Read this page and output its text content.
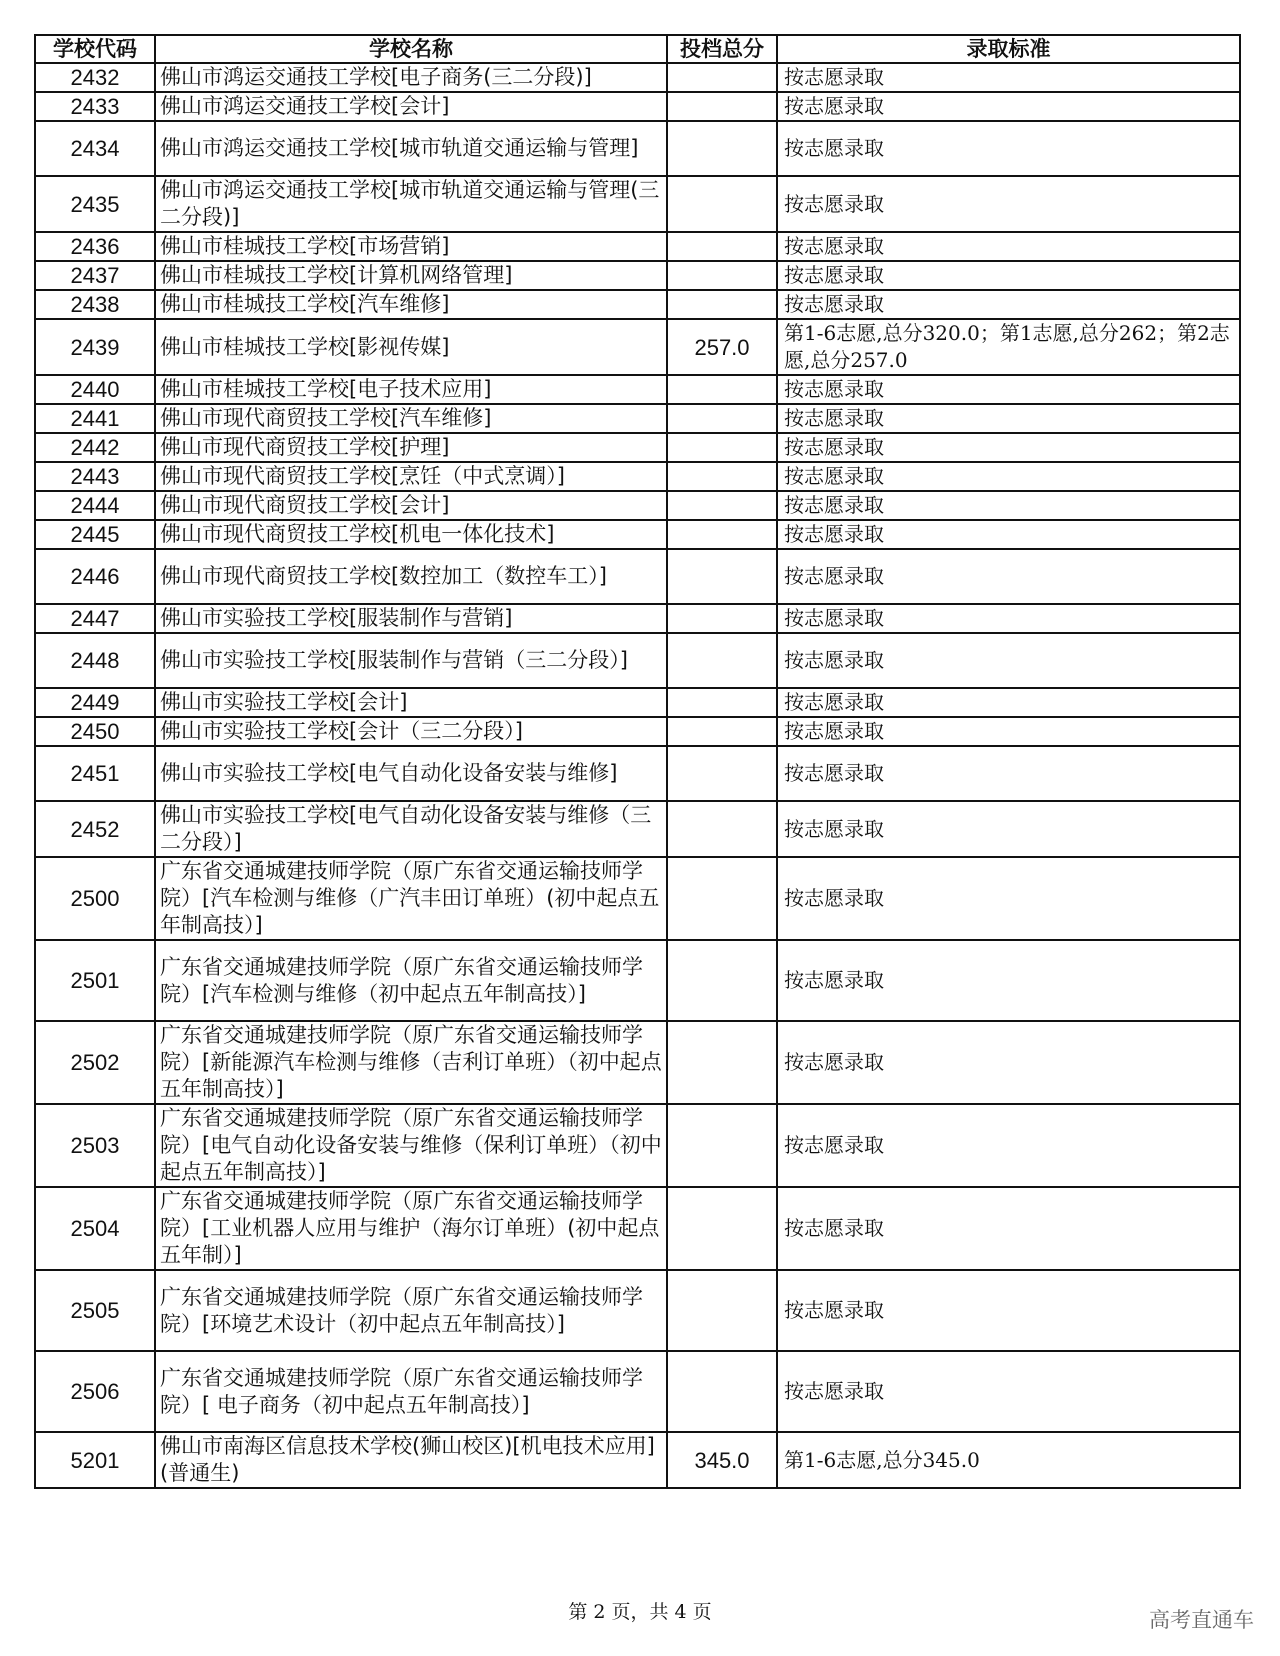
学校代码	学校名称	投档总分	录取标准
2432	佛山市鸿运交通技工学校[电子商务(三二分段)]		按志愿录取
2433	佛山市鸿运交通技工学校[会计]		按志愿录取
2434	佛山市鸿运交通技工学校[城市轨道交通运输与管理]		按志愿录取
2435	佛山市鸿运交通技工学校[城市轨道交通运输与管理(三二分段)]		按志愿录取
2436	佛山市桂城技工学校[市场营销]		按志愿录取
2437	佛山市桂城技工学校[计算机网络管理]		按志愿录取
2438	佛山市桂城技工学校[汽车维修]		按志愿录取
2439	佛山市桂城技工学校[影视传媒]	257.0	第1-6志愿,总分320.0；第1志愿,总分262；第2志愿,总分257.0
2440	佛山市桂城技工学校[电子技术应用]		按志愿录取
2441	佛山市现代商贸技工学校[汽车维修]		按志愿录取
2442	佛山市现代商贸技工学校[护理]		按志愿录取
2443	佛山市现代商贸技工学校[烹饪（中式烹调）]		按志愿录取
2444	佛山市现代商贸技工学校[会计]		按志愿录取
2445	佛山市现代商贸技工学校[机电一体化技术]		按志愿录取
2446	佛山市现代商贸技工学校[数控加工（数控车工）]		按志愿录取
2447	佛山市实验技工学校[服装制作与营销]		按志愿录取
2448	佛山市实验技工学校[服装制作与营销（三二分段）]		按志愿录取
2449	佛山市实验技工学校[会计]		按志愿录取
2450	佛山市实验技工学校[会计（三二分段）]		按志愿录取
2451	佛山市实验技工学校[电气自动化设备安装与维修]		按志愿录取
2452	佛山市实验技工学校[电气自动化设备安装与维修（三二分段）]		按志愿录取
2500	广东省交通城建技师学院（原广东省交通运输技师学院）[汽车检测与维修（广汽丰田订单班）(初中起点五年制高技）]		按志愿录取
2501	广东省交通城建技师学院（原广东省交通运输技师学院）[汽车检测与维修（初中起点五年制高技）]		按志愿录取
2502	广东省交通城建技师学院（原广东省交通运输技师学院）[新能源汽车检测与维修（吉利订单班）（初中起点五年制高技）]		按志愿录取
2503	广东省交通城建技师学院（原广东省交通运输技师学院）[电气自动化设备安装与维修（保利订单班）（初中起点五年制高技）]		按志愿录取
2504	广东省交通城建技师学院（原广东省交通运输技师学院）[工业机器人应用与维护（海尔订单班）(初中起点五年制）]		按志愿录取
2505	广东省交通城建技师学院（原广东省交通运输技师学院）[环境艺术设计（初中起点五年制高技）]		按志愿录取
2506	广东省交通城建技师学院（原广东省交通运输技师学院）[ 电子商务（初中起点五年制高技）]		按志愿录取
5201	佛山市南海区信息技术学校(狮山校区)[机电技术应用](普通生)	345.0	第1-6志愿,总分345.0
第 2 页，共 4 页	高考直通车
